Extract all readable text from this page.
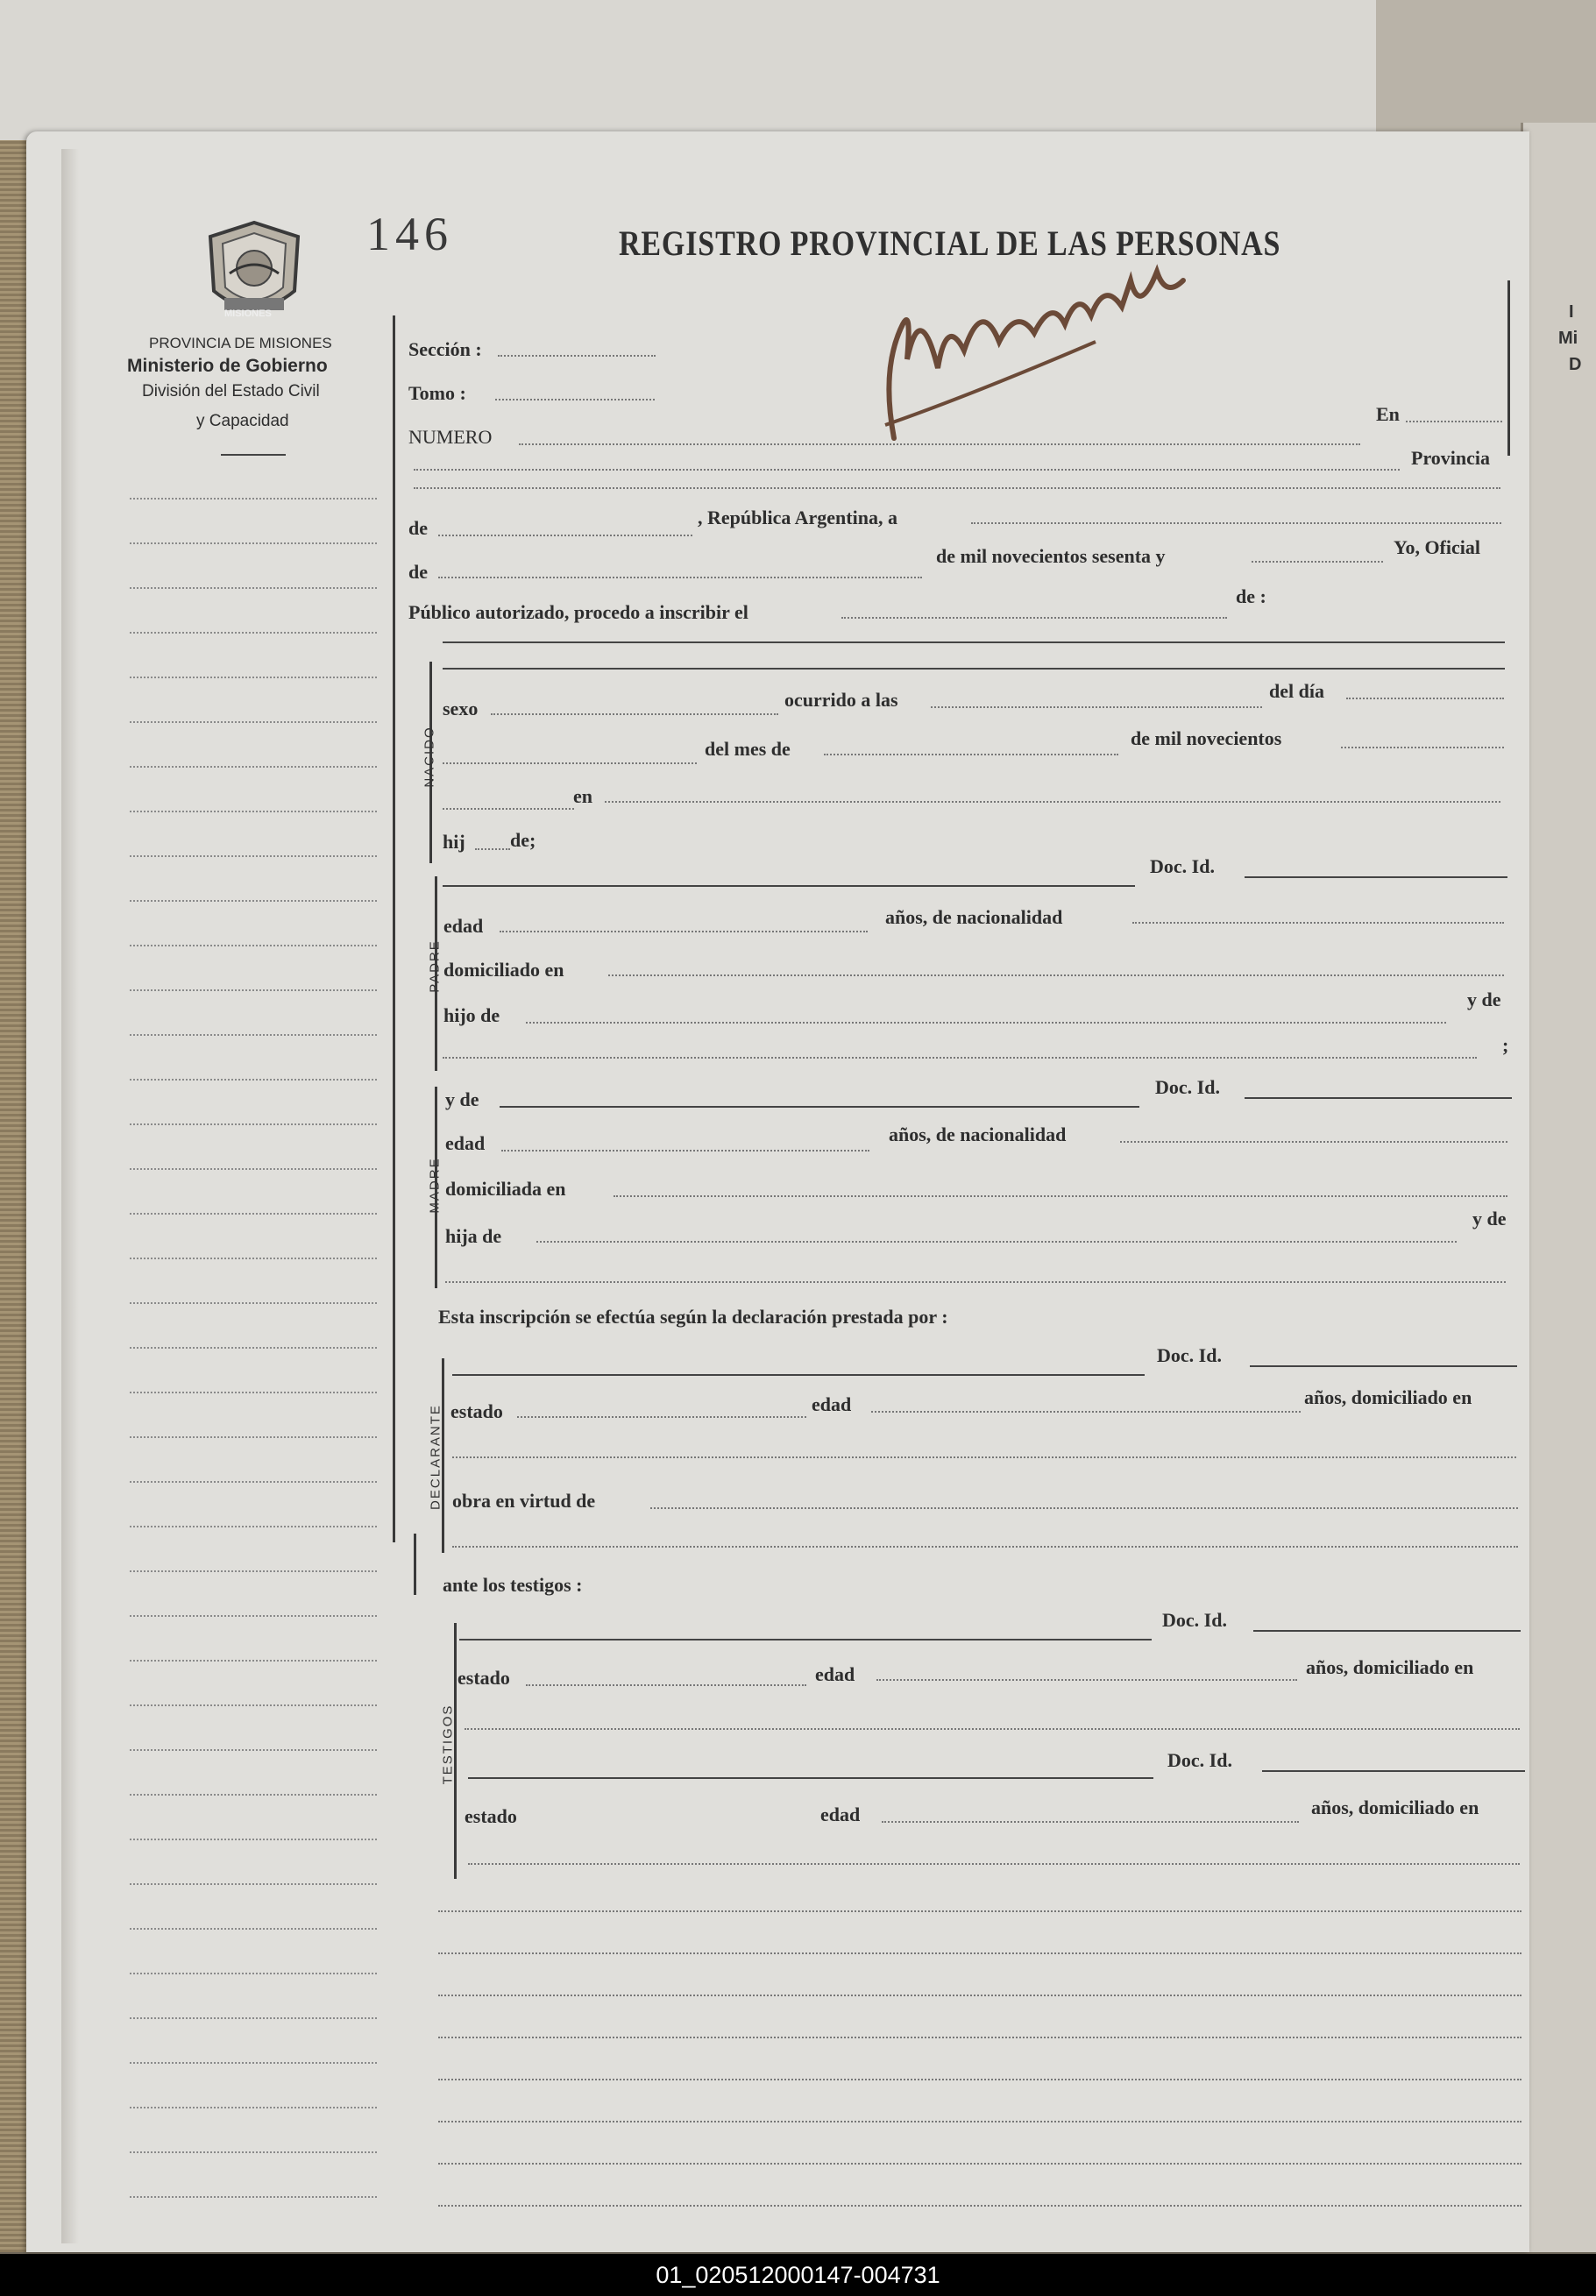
I
Mi
D
MISIONES
146	REGISTRO PROVINCIAL DE LAS PERSONAS
PROVINCIA DE MISIONES
Ministerio de Gobierno
División del Estado Civil
y Capacidad
Sección :
Tomo :
NUMERO
En
Provincia
de	, República Argentina, a
de
de mil novecientos sesenta y	Yo, Oficial
Público autorizado, procedo a inscribir el
de :
NACIDO
sexo	ocurrido a las	del día
del mes de	de mil novecientos
en
hij de;
PADRE
Doc. Id.
edad	años, de nacionalidad
domiciliado en
hijo de
y de
;
MADRE
y de
Doc. Id.
edad	años, de nacionalidad
domiciliada en
hija de
y de
Esta inscripción se efectúa según la declaración prestada por :
DECLARANTE
Doc. Id.
estado	edad	años, domiciliado en
obra en virtud de
ante los testigos :
TESTIGOS
Doc. Id.
estado	edad	años, domiciliado en
Doc. Id.
estado	edad	años, domiciliado en
01_020512000147-004731
